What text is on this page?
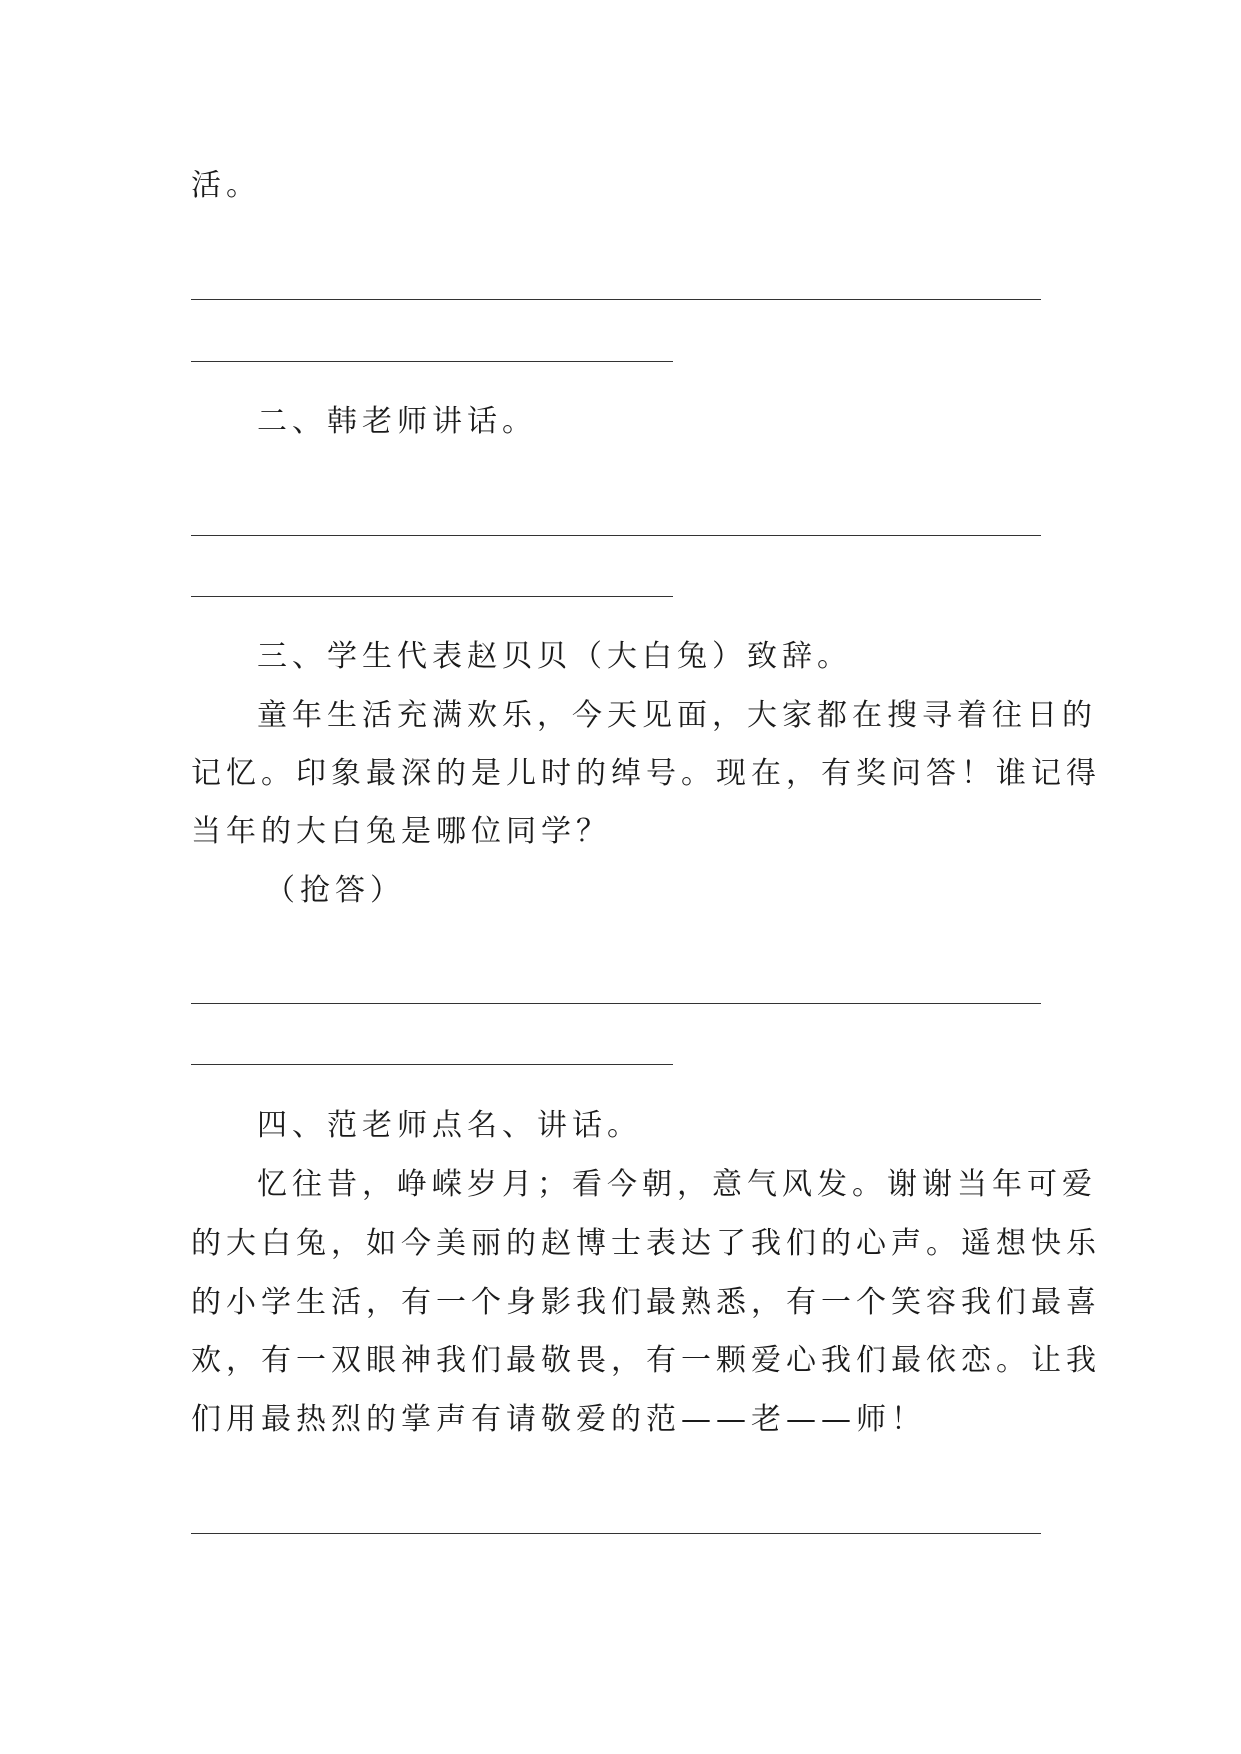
活。
二、韩老师讲话。
三、学生代表赵贝贝（大白兔）致辞。
童年生活充满欢乐，今天见面，大家都在搜寻着往日的
记忆。印象最深的是儿时的绰号。现在，有奖问答！谁记得
当年的大白兔是哪位同学？
（抢答）
四、范老师点名、讲话。
忆往昔，峥嵘岁月；看今朝，意气风发。谢谢当年可爱
的大白兔，如今美丽的赵博士表达了我们的心声。遥想快乐
的小学生活，有一个身影我们最熟悉，有一个笑容我们最喜
欢，有一双眼神我们最敬畏，有一颗爱心我们最依恋。让我
们用最热烈的掌声有请敬爱的范——老——师！
